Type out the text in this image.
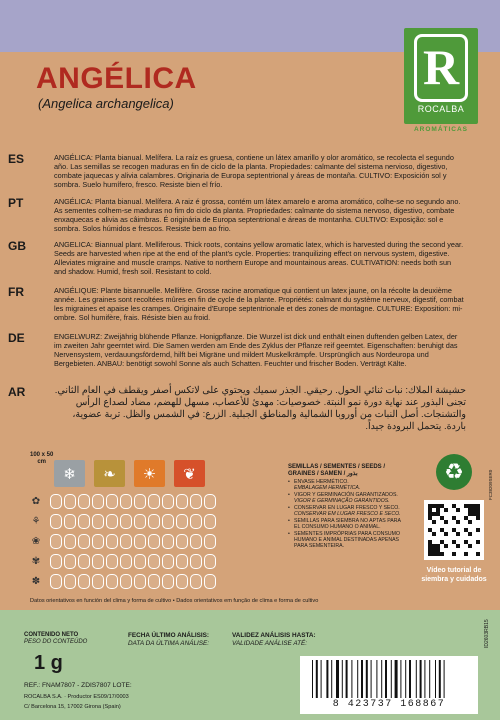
R
ROCALBA
AROMÁTICAS
ANGÉLICA
(Angelica archangelica)
ES	ANGÉLICA: Planta bianual. Melífera. La raíz es gruesa, contiene un látex amarillo y olor aromático, se recolecta el segundo año. Las semillas se recogen maduras en fin de ciclo de la planta. Propiedades: calmante del sistema nervioso, digestivo, combate jaquecas y alivia calambres. Originaria de Europa septentrional y áreas de montaña. CULTIVO: Exposición sol y sombra. Suelo humífero, fresco. Resiste bien el frío.
PT	ANGÉLICA: Planta bianual. Melífera. A raiz é grossa, contém um látex amarelo e aroma aromático, colhe-se no segundo ano. As sementes colhem-se maduras no fim do ciclo da planta. Propriedades: calmante do sistema nervoso, digestivo, combate enxaquecas e alivia as câimbras. É originária de Europa septentrional e áreas de montanha. CULTIVO: Exposição: sol e sombra. Solos húmidos e frescos. Resiste bem ao frio.
GB	ANGELICA: Biannual plant. Melliferous. Thick roots, contains yellow aromatic latex, which is harvested during the second year. Seeds are harvested when ripe at the end of the plant's cycle. Properties: tranquilizing effect on nervous system, digestive. Alleviates migraine and muscle cramps. Native to northern Europe and mountainous areas. CULTIVATION: needs both sun and shadow. Humid, fresh soil. Resistant to cold.
FR	ANGÉLIQUE: Plante bisannuelle. Mellifère. Grosse racine aromatique qui contient un latex jaune, on la récolte la deuxième année. Les graines sont recoltées mûres en fin de cycle de la plante. Propriétés: calmant du système nerveux, digestif, combat les migraines et apaise les crampes. Originaire d'Europe septentrionale et des zones de montagne. CULTURE: Exposition: mi-ombre. Sol humifère, frais. Résiste bien au froid.
DE	ENGELWURZ: Zweijährig blühende Pflanze. Honigpflanze. Die Wurzel ist dick und enthält einen duftenden gelben Latex, der im zweiten Jahr geerntet wird. Die Samen werden am Ende des Zyklus der Pflanze reif geerntet. Eigenschaften: beruhigt das Nervensystem, verdauungsfördernd, hilft bei Migräne und mildert Muskelkrämpfe. Ursprünglich aus Nordeuropa und Bergebieten. ANBAU: benötigt sowohl Sonne als auch Schatten. Feuchter und frischer Boden. Verträgt Kälte.
AR	حشيشة الملاك: نبات ثنائي الحول. رحيقي. الجذر سميك ويحتوي على لاتكس أصفر ويقطف في العام الثاني. تجنى البذور عند نهاية دورة نمو النبتة. خصوصيات: مهدئ للأعصاب، مسهل للهضم، مضاد لصداع الرأس والتشنجات. أصل النبات من أوروبا الشمالية والمناطق الجبلية. الزرع: في الشمس والظل. تربة عضوية، باردة. يتحمل البرودة جيداً.
100 x 50
cm
❄	❧	☀	❦
✿
⚘
❀
✾
✽
SEMILLAS / SEMENTES / SEEDS /
GRAINES / SAMEN / بذور
• ENVASE HERMÉTICO.
EMBALAGEM HERMÉTICA.
• VIGOR Y GERMINACIÓN GARANTIZADOS.
VIGOR E GERMINAÇÃO GARANTIDOS.
• CONSERVAR EN LUGAR FRESCO Y SECO.
CONSERVAR EM LUGAR FRESCO E SECO.
• SEMILLAS PARA SIEMBRA NO APTAS PARA EL CONSUMO HUMANO O ANIMAL.
• SEMENTES IMPRÓPRIAS PARA CONSUMO HUMANO E ANIMAL DESTINADAS APENAS PARA SEMENTEIRA.
♻
Vídeo tutorial de
siembra y cuidados
Datos orientativos en función del clima y forma de cultivo • Dados orientativos em função de clima e forma de cultivo
CONTENIDO NETO
PESO DO CONTEÚDO
1 g
FECHA ÚLTIMO ANÁLISIS:
DATA DA ÚLTIMA ANÁLISE:
VALIDEZ ANÁLISIS HASTA:
VALIDADE ANÁLISE ATÉ:
REF.: FNAM7807 - ZDIS7807 LOTE:
ROCALBA S.A. · Productor ES09/17/0003
C/ Barcelona 15, 17002 Girona (Spain)	8 423737 168867
ID2603RB15
FC38209SER0
